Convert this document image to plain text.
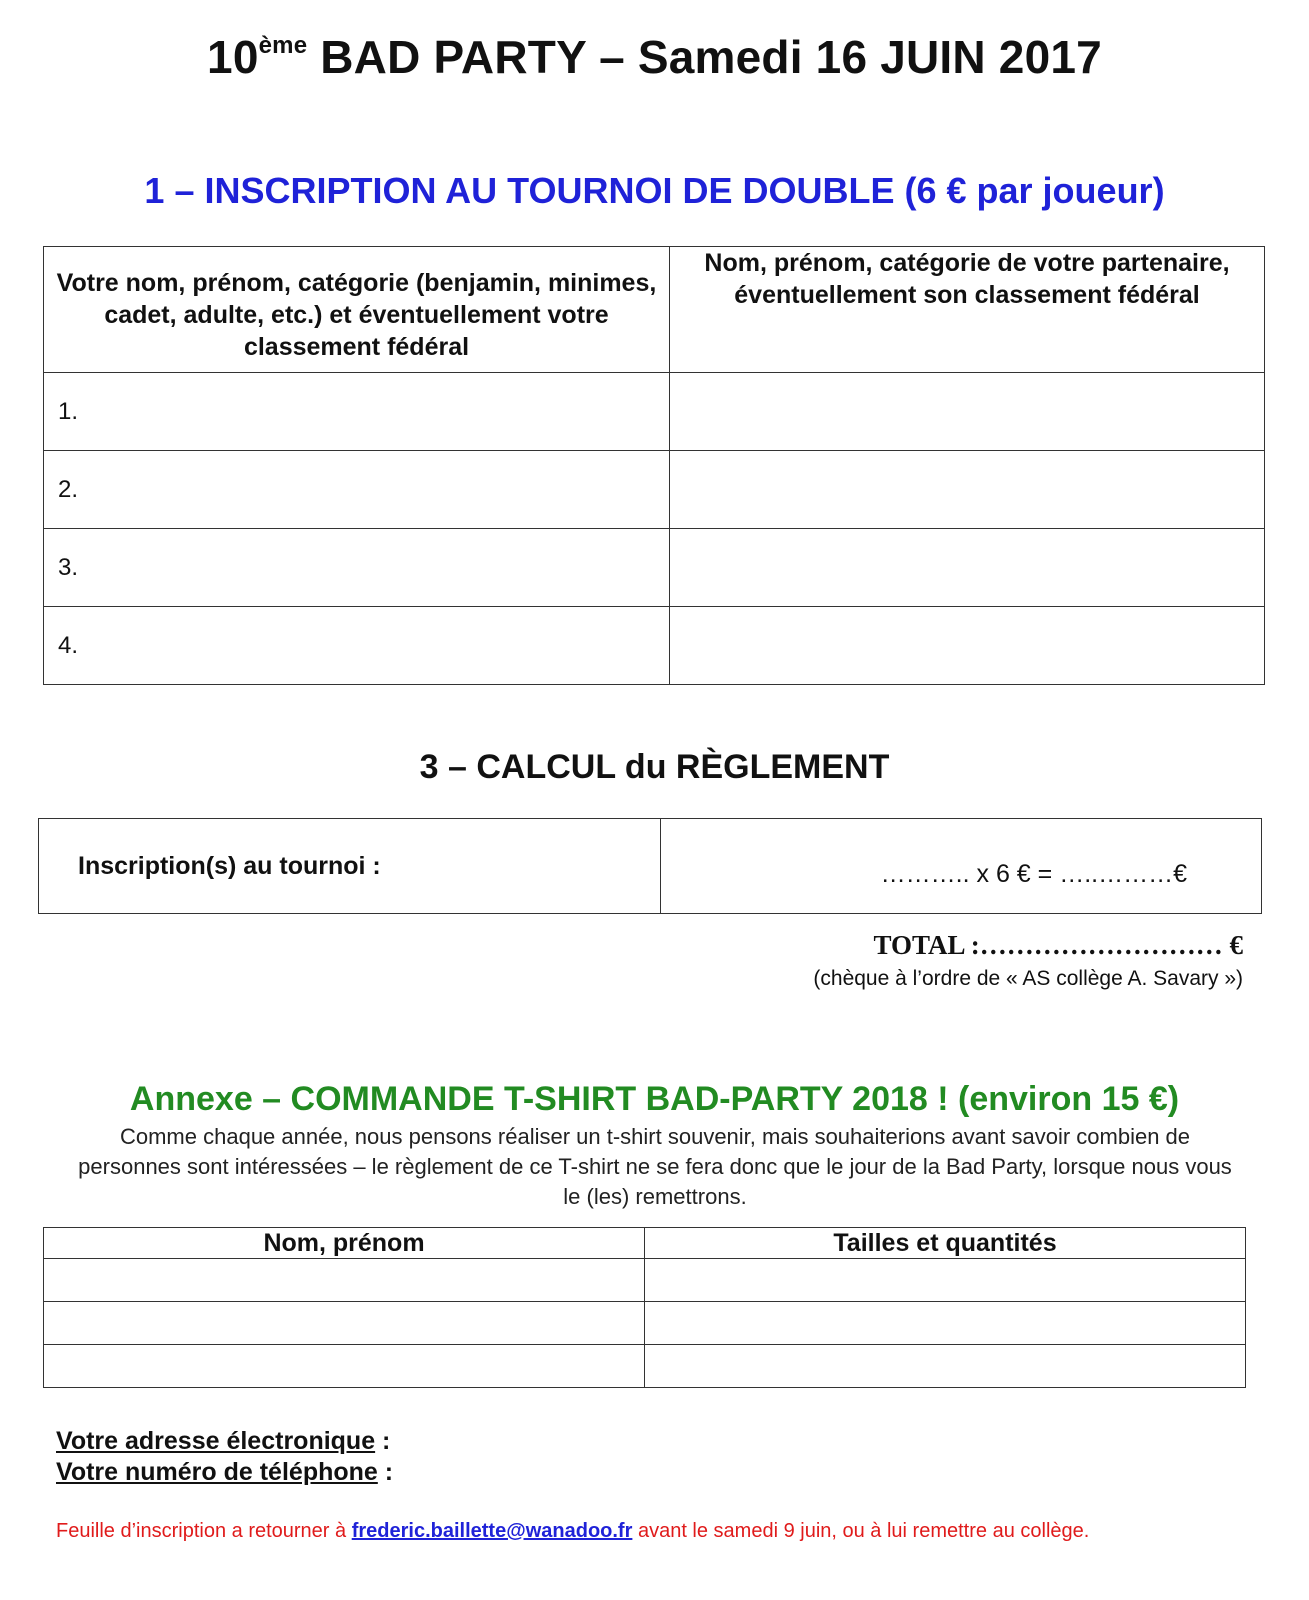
10ème BAD PARTY – Samedi 16 JUIN 2017
1 – INSCRIPTION AU TOURNOI DE DOUBLE (6 € par joueur)
Votre nom, prénom, catégorie (benjamin, minimes, cadet, adulte, etc.) et éventuellement votre classement fédéral	Nom, prénom, catégorie de votre partenaire, éventuellement son classement fédéral
1.	
2.	
3.	
4.	
3 – CALCUL du RÈGLEMENT
Inscription(s) au tournoi :	……….. x 6 € = …..………€
TOTAL :……………………… €
(chèque à l’ordre de « AS collège A. Savary »)
Annexe – COMMANDE T-SHIRT BAD-PARTY 2018 ! (environ 15 €)
Comme chaque année, nous pensons réaliser un t-shirt souvenir, mais souhaiterions avant savoir combien de personnes sont intéressées – le règlement de ce T-shirt ne se fera donc que le jour de la Bad Party, lorsque nous vous le (les) remettrons.
Nom, prénom	Tailles et quantités

Votre adresse électronique :
Votre numéro de téléphone :
Feuille d’inscription a retourner à frederic.baillette@wanadoo.fr avant le samedi 9 juin, ou à lui remettre au collège.
